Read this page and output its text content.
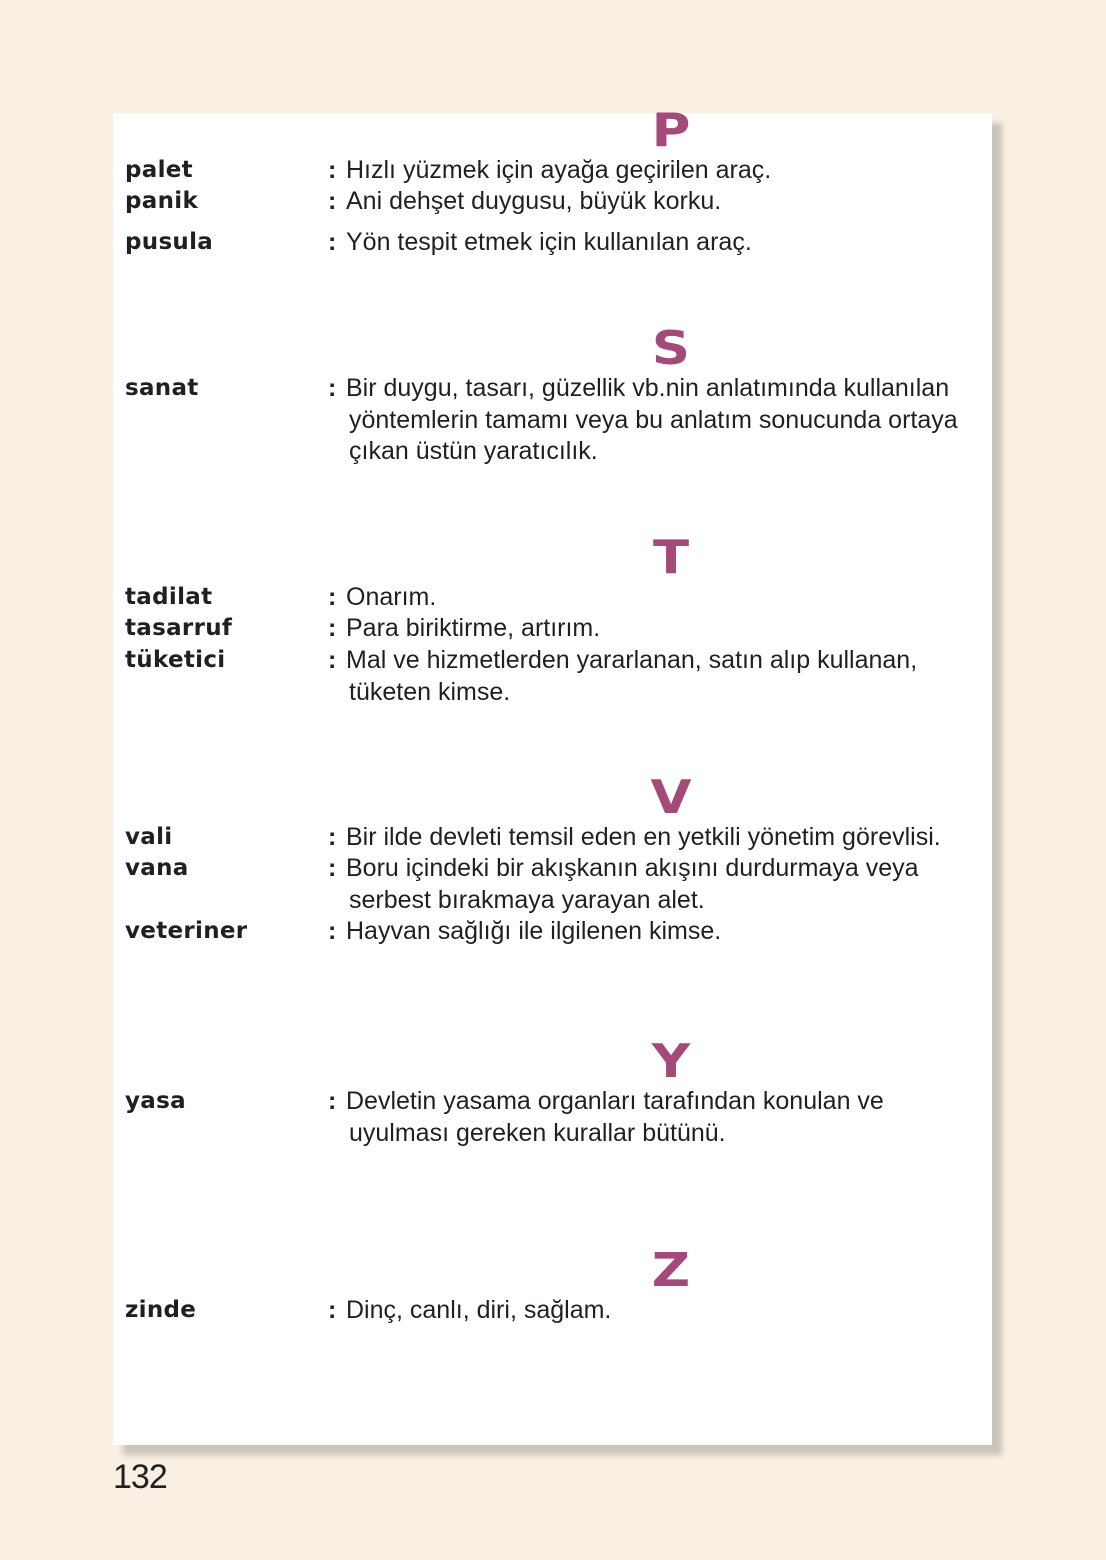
P
palet	: Hızlı yüzmek için ayağa geçirilen araç.
panik	: Ani dehşet duygusu, büyük korku.
pusula	: Yön tespit etmek için kullanılan araç.
S
sanat	: Bir duygu, tasarı, güzellik vb.nin anlatımında kullanılan
yöntemlerin tamamı veya bu anlatım sonucunda ortaya
çıkan üstün yaratıcılık.
T
tadilat	: Onarım.
tasarruf	: Para biriktirme, artırım.
tüketici	: Mal ve hizmetlerden yararlanan, satın alıp kullanan,
tüketen kimse.
V
vali	: Bir ilde devleti temsil eden en yetkili yönetim görevlisi.
vana	: Boru içindeki bir akışkanın akışını durdurmaya veya
serbest bırakmaya yarayan alet.
veteriner	: Hayvan sağlığı ile ilgilenen kimse.
Y
yasa	: Devletin yasama organları tarafından konulan ve
uyulması gereken kurallar bütünü.
Z
zinde	: Dinç, canlı, diri, sağlam.
132
